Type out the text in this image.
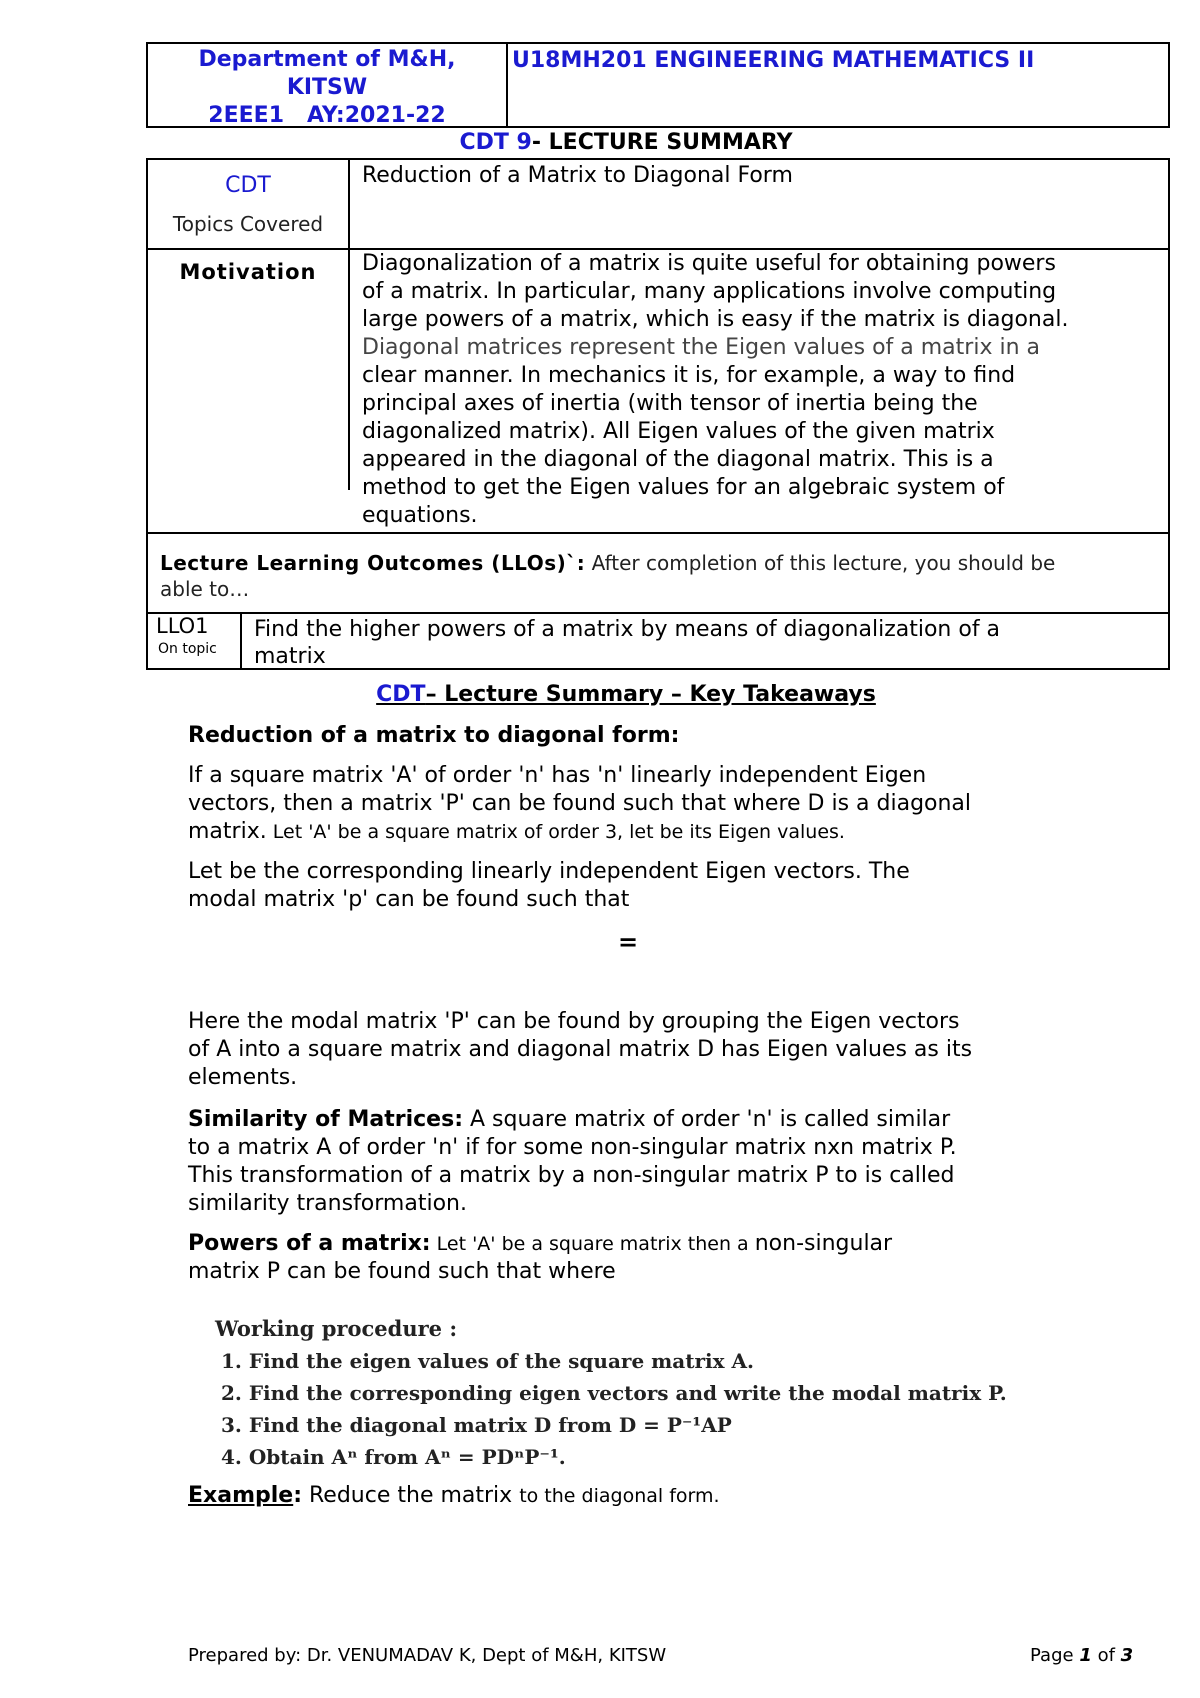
Department of M&H,
KITSW
2EEE1   AY:2021-22
U18MH201 ENGINEERING MATHEMATICS II
CDT 9- LECTURE SUMMARY
CDT
Topics Covered
Reduction of a Matrix to Diagonal Form
Motivation	Diagonalization of a matrix is quite useful for obtaining powers
of a matrix. In particular, many applications involve computing
large powers of a matrix, which is easy if the matrix is diagonal.
Diagonal matrices represent the Eigen values of a matrix in a
clear manner. In mechanics it is, for example, a way to find
principal axes of inertia (with tensor of inertia being the
diagonalized matrix). All Eigen values of the given matrix
appeared in the diagonal of the diagonal matrix. This is a
method to get the Eigen values for an algebraic system of
equations.
Lecture Learning Outcomes (LLOs)`: After completion of this lecture, you should be
able to…
LLO1
On topic
Find the higher powers of a matrix by means of diagonalization of a
matrix
CDT– Lecture Summary – Key Takeaways
Reduction of a matrix to diagonal form:
If a square matrix 'A' of order 'n' has 'n' linearly independent Eigen
vectors, then a matrix 'P' can be found such that where D is a diagonal
matrix. Let 'A' be a square matrix of order 3, let be its Eigen values.
Let be the corresponding linearly independent Eigen vectors. The
modal matrix 'p' can be found such that
=
Here the modal matrix 'P' can be found by grouping the Eigen vectors
of A into a square matrix and diagonal matrix D has Eigen values as its
elements.
Similarity of Matrices: A square matrix of order 'n' is called similar
to a matrix A of order 'n' if for some non-singular matrix nxn matrix P.
This transformation of a matrix by a non-singular matrix P to is called
similarity transformation.
Powers of a matrix: Let 'A' be a square matrix then a non-singular
matrix P can be found such that where
Working procedure :
1. Find the eigen values of the square matrix A.
2. Find the corresponding eigen vectors and write the modal matrix P.
3. Find the diagonal matrix D from D = P⁻¹AP
4. Obtain Aⁿ from Aⁿ = PDⁿP⁻¹.
Example: Reduce the matrix to the diagonal form.
Prepared by: Dr. VENUMADAV K, Dept of M&H, KITSW	Page 1 of 3
